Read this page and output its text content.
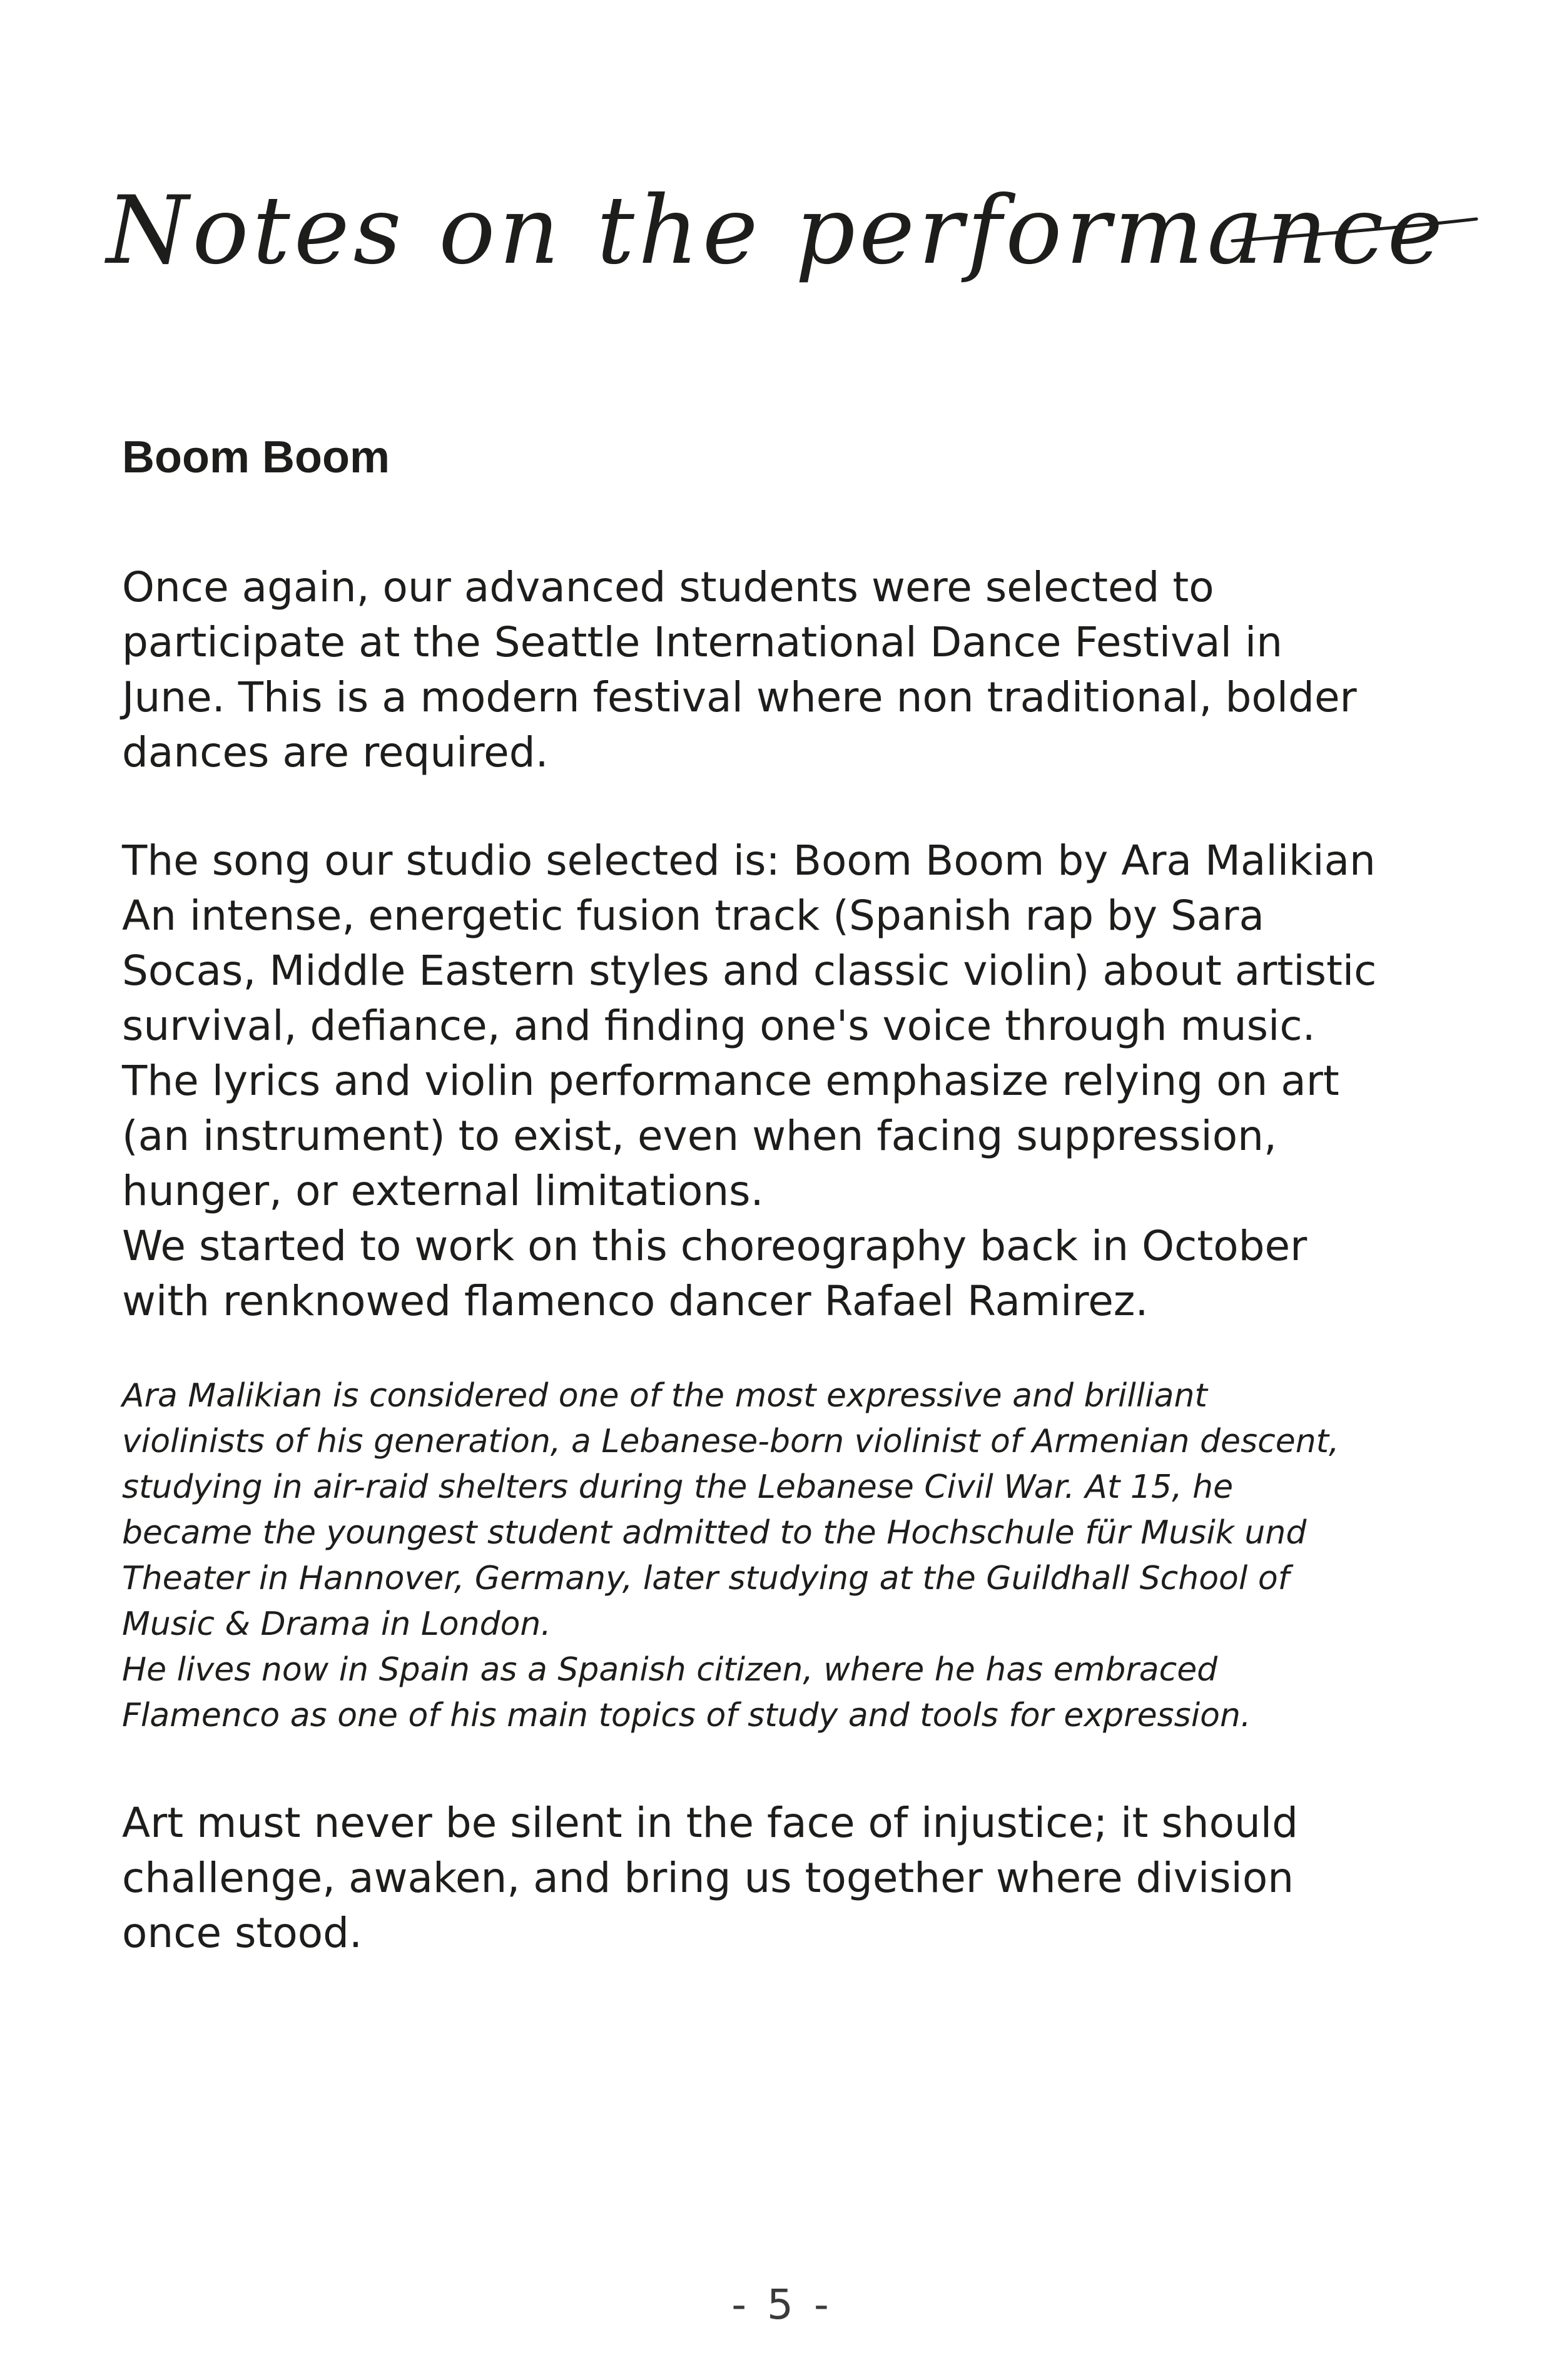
Notes on the performance
Boom Boom

Once again, our advanced students were selected to
participate at the Seattle International Dance Festival in
June. This is a modern festival where non traditional, bolder
dances are required.

The song our studio selected is: Boom Boom by Ara Malikian
An intense, energetic fusion track (Spanish rap by Sara
Socas, Middle Eastern styles and classic violin) about artistic
survival, defiance, and finding one's voice through music.
The lyrics and violin performance emphasize relying on art
(an instrument) to exist, even when facing suppression,
hunger, or external limitations.
We started to work on this choreography back in October
with renknowed flamenco dancer Rafael Ramirez.

Ara Malikian is considered one of the most expressive and brilliant
violinists of his generation, a Lebanese-born violinist of Armenian descent,
studying in air-raid shelters during the Lebanese Civil War. At 15, he
became the youngest student admitted to the Hochschule für Musik und
Theater in Hannover, Germany, later studying at the Guildhall School of
Music & Drama in London.
He lives now in Spain as a Spanish citizen, where he has embraced
Flamenco as one of his main topics of study and tools for expression.

Art must never be silent in the face of injustice; it should
challenge, awaken, and bring us together where division
once stood.

- 5 -
